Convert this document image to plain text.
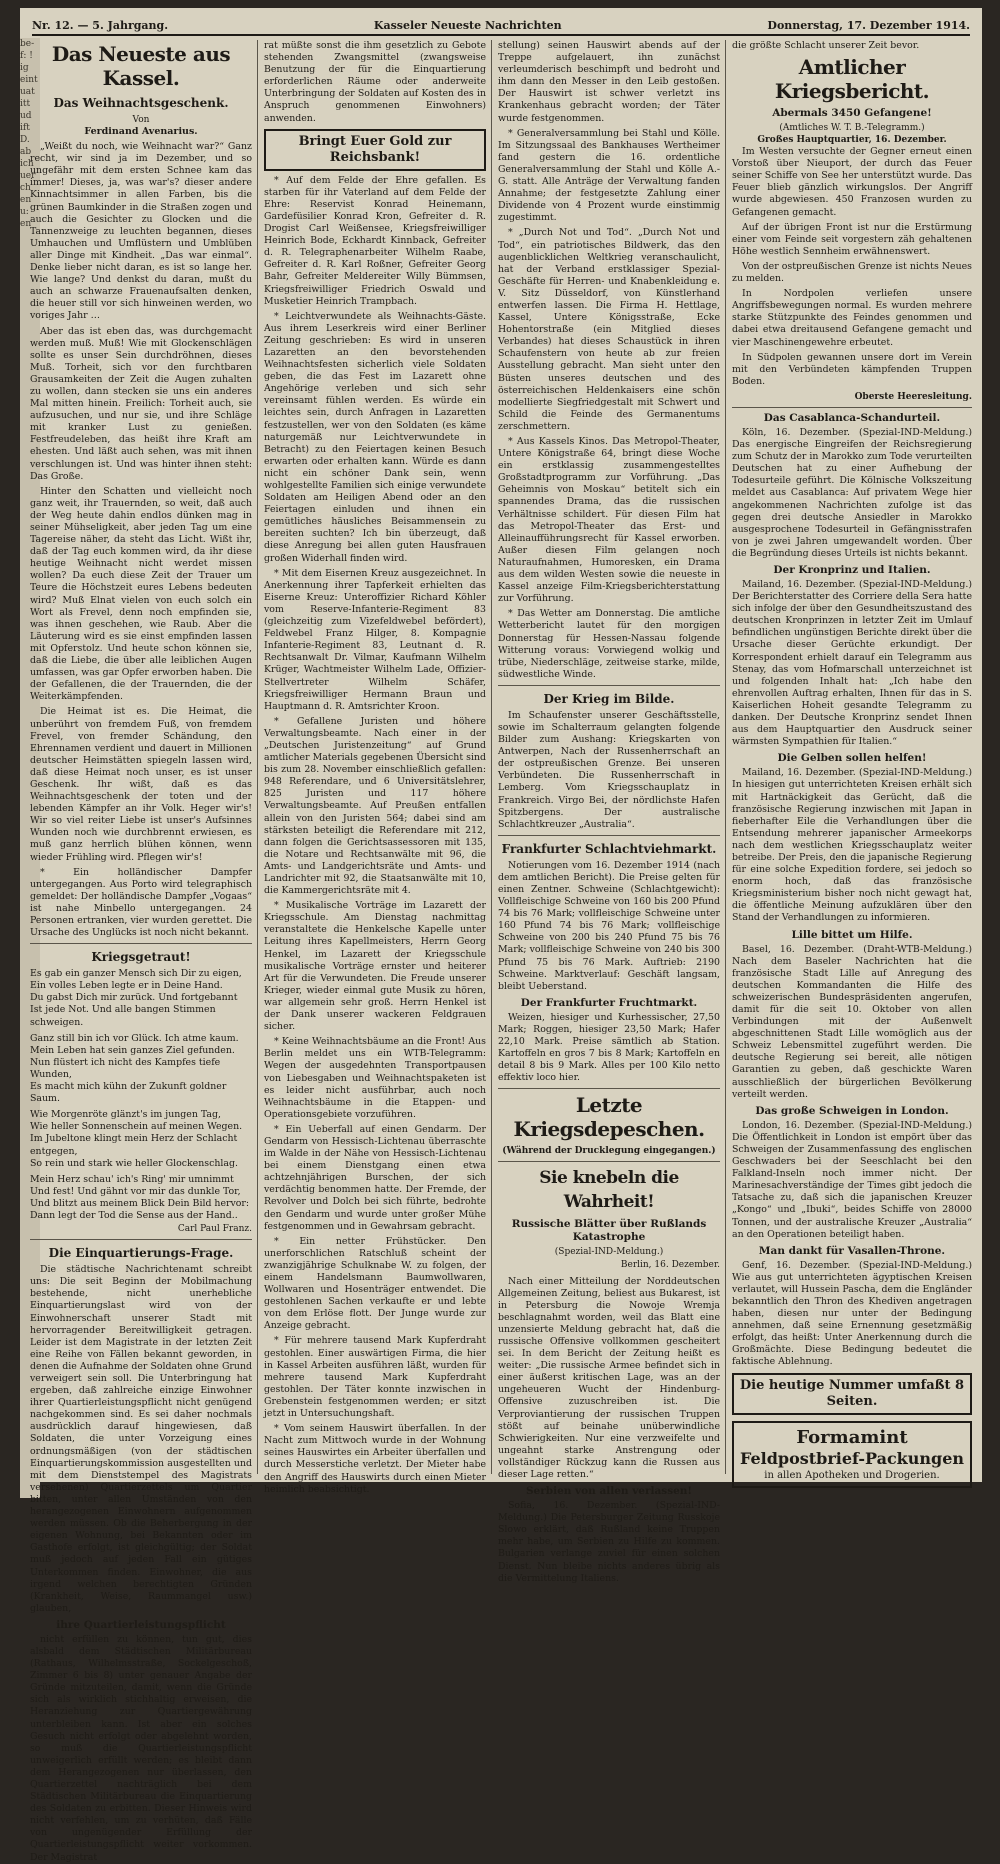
be-
f: !
ig
eint
uat
itt
ud
ift
D.
ab
ich
uer
ch
en
u:
en
Nr. 12. — 5. Jahrgang.	Kasseler Neueste Nachrichten	Donnerstag, 17. Dezember 1914.
Das Neueste aus Kassel.
Das Weihnachtsgeschenk.
Von
Ferdinand Avenarius.

„Weißt du noch, wie Weihnacht war?“ Ganz recht, wir sind ja im Dezember, und so ungefähr mit dem ersten Schnee kam das immer! Dieses, ja, was war's? dieser andere Kinnachtsimmer in allen Farben, bis die grünen Baumkinder in die Straßen zogen und auch die Gesichter zu Glocken und die Tannenzweige zu leuchten begannen, dieses Umhauchen und Umflüstern und Umblüben aller Dinge mit Kindheit. „Das war einmal“. Denke lieber nicht daran, es ist so lange her. Wie lange? Und denkst du daran, mußt du auch an schwarze Frauenaufsalten denken, die heuer still vor sich hinweinen werden, wo voriges Jahr …

Aber das ist eben das, was durchgemacht werden muß. Muß! Wie mit Glockenschlägen sollte es unser Sein durchdröhnen, dieses Muß. Torheit, sich vor den furchtbaren Grausamkeiten der Zeit die Augen zuhalten zu wollen, dann stecken sie uns ein anderes Mal mitten hinein. Freilich: Torheit auch, sie aufzusuchen, und nur sie, und ihre Schläge mit kranker Lust zu genießen. Festfreudeleben, das heißt ihre Kraft am ehesten. Und läßt auch sehen, was mit ihnen verschlungen ist. Und was hinter ihnen steht: Das Große.

Hinter den Schatten und vielleicht noch ganz weit, ihr Trauernden, so weit, daß auch der Weg heute dahin endlos dünken mag in seiner Mühseligkeit, aber jeden Tag um eine Tagereise näher, da steht das Licht. Wißt ihr, daß der Tag euch kommen wird, da ihr diese heutige Weihnacht nicht werdet missen wollen? Da euch diese Zeit der Trauer um Teure die Höchstzeit eures Lebens bedeuten wird? Muß Elnat vielen von euch solch ein Wort als Frevel, denn noch empfinden sie, was ihnen geschehen, wie Raub. Aber die Läuterung wird es sie einst empfinden lassen mit Opferstolz. Und heute schon können sie, daß die Liebe, die über alle leiblichen Augen umfassen, was gar Opfer erworben haben. Die der Gefallenen, die der Trauernden, die der Weiterkämpfenden.

Die Heimat ist es. Die Heimat, die unberührt von fremdem Fuß, von fremdem Frevel, von fremder Schändung, den Ehrennamen verdient und dauert in Millionen deutscher Heimstätten spiegeln lassen wird, daß diese Heimat noch unser, es ist unser Geschenk. Ihr wißt, daß es das Weihnachtsgeschenk der toten und der lebenden Kämpfer an ihr Volk. Heger wir's! Wir so viel reiter Liebe ist unser's Aufsinnes Wunden noch wie durchbrennt erwiesen, es muß ganz herrlich blühen können, wenn wieder Frühling wird. Pflegen wir's!

* Ein holländischer Dampfer untergegangen. Aus Porto wird telegraphisch gemeldet: Der holländische Dampfer „Vogaas“ ist nahe Minbello untergegangen. 24 Personen ertranken, vier wurden gerettet. Die Ursache des Unglücks ist noch nicht bekannt.

Kriegsgetraut!

Es gab ein ganzer Mensch sich Dir zu eigen,

Ein volles Leben legte er in Deine Hand.

Du gabst Dich mir zurück. Und fortgebannt

Ist jede Not. Und alle bangen Stimmen schweigen.

Ganz still bin ich vor Glück. Ich atme kaum.

Mein Leben hat sein ganzes Ziel gefunden.

Nun flüstert ich nicht des Kampfes tiefe Wunden,

Es macht mich kühn der Zukunft goldner Saum.

Wie Morgenröte glänzt's im jungen Tag,

Wie heller Sonnenschein auf meinen Wegen.

Im Jubeltone klingt mein Herz der Schlacht entgegen,

So rein und stark wie heller Glockenschlag.

Mein Herz schau' ich's Ring' mir umnimmt

Und fest! Und gähnt vor mir das dunkle Tor,

Und blitzt aus meinem Blick Dein Bild hervor:

Dann legt der Tod die Sense aus der Hand..

Carl Paul Franz.
Die Einquartierungs-Frage.

Die städtische Nachrichtenamt schreibt uns: Die seit Beginn der Mobilmachung bestehende, nicht unerhebliche Einquartierungslast wird von der Einwohnerschaft unserer Stadt mit hervorragender Bereitwilligkeit getragen. Leider ist dem Magistrate in der letzten Zeit eine Reihe von Fällen bekannt geworden, in denen die Aufnahme der Soldaten ohne Grund verweigert sein soll. Die Unterbringung hat ergeben, daß zahlreiche einzige Einwohner ihrer Quartierleistungspflicht nicht genügend nachgekommen sind. Es sei daher nochmals ausdrücklich darauf hingewiesen, daß Soldaten, die unter Vorzeigung eines ordnungsmäßigen (von der städtischen Einquartierungskommission ausgestellten und mit dem Dienststempel des Magistrats versehenen) Quartierzettels um Quartier bitten, unter allen Umständen von den herangezogenen Einwohnern aufgenommen werden müssen. Ob die Beherbergung in der eigenen Wohnung, bei Bekannten oder im Gasthofe erfolgt, ist gleichgültig; der Soldat muß jedoch auf jeden Fall ein gütiges Unterkommen finden. Einwohner, die aus irgend welchen berechtigten Gründen (Krankheit, Weise, Raummangel usw.) glauben,

ihre Quartierleistungspflicht

nicht erfüllen zu können, tun gut, dies alsbald dem Städtischen Militärbureau (Rathaus, Wilhelmsstraße, Sockelgeschoß, Zimmer 6 bis 8) unter genauer Angabe der Gründe mitzuteilen, damit, wenn die Gründe sich als wirklich stichhaltig erweisen, die Heranziehung zur Quartiergewährung unterbleiben kann. Ist aber ein solches Gesuch nicht erfolgt oder abgelehnt worden, so muß die Quartierleistungspflicht unweigerlich erfüllt werden; es bleibt dann dem Herangezogenen nur überlassen, den Quartierzettel nachträglich bei dem Städtischen Militärbureau die Einquartierung des Soldaten zu erbitten. Dieser Hinweis wird nicht verfehlen, um zu verhüten, daß Fälle von ungenügender Erfüllung der Quartierleistungspflicht weiter vorkommen. Der Magistrat

rat müßte sonst die ihm gesetzlich zu Gebote stehenden Zwangsmittel (zwangsweise Benutzung der für die Einquartierung erforderlichen Räume oder anderweite Unterbringung der Soldaten auf Kosten des in Anspruch genommenen Einwohners) anwenden.

Bringt Euer Gold zur Reichsbank!

* Auf dem Felde der Ehre gefallen. Es starben für ihr Vaterland auf dem Felde der Ehre: Reservist Konrad Heinemann, Gardefüsilier Konrad Kron, Gefreiter d. R. Drogist Carl Weißensee, Kriegsfreiwilliger Heinrich Bode, Eckhardt Kinnback, Gefreiter d. R. Telegraphenarbeiter Wilhelm Raabe, Gefreiter d. R. Karl Roßner, Gefreiter Georg Bahr, Gefreiter Meldereiter Willy Bümmsen, Kriegsfreiwilliger Friedrich Oswald und Musketier Heinrich Trampbach.

* Leichtverwundete als Weihnachts-Gäste. Aus ihrem Leserkreis wird einer Berliner Zeitung geschrieben: Es wird in unseren Lazaretten an den bevorstehenden Weihnachtsfesten sicherlich viele Soldaten geben, die das Fest im Lazarett ohne Angehörige verleben und sich sehr vereinsamt fühlen werden. Es würde ein leichtes sein, durch Anfragen in Lazaretten festzustellen, wer von den Soldaten (es käme naturgemäß nur Leichtverwundete in Betracht) zu den Feiertagen keinen Besuch erwarten oder erhalten kann. Würde es dann nicht ein schöner Dank sein, wenn wohlgestellte Familien sich einige verwundete Soldaten am Heiligen Abend oder an den Feiertagen einluden und ihnen ein gemütliches häusliches Beisammensein zu bereiten suchten? Ich bin überzeugt, daß diese Anregung bei allen guten Hausfrauen großen Widerhall finden wird.

* Mit dem Eisernen Kreuz ausgezeichnet. In Anerkennung ihrer Tapferkeit erhielten das Eiserne Kreuz: Unteroffizier Richard Köhler vom Reserve-Infanterie-Regiment 83 (gleichzeitig zum Vizefeldwebel befördert), Feldwebel Franz Hilger, 8. Kompagnie Infanterie-Regiment 83, Leutnant d. R. Rechtsanwalt Dr. Vilmar, Kaufmann Wilhelm Krüger, Wachtmeister Wilhelm Lade, Offizier-Stellvertreter Wilhelm Schäfer, Kriegsfreiwilliger Hermann Braun und Hauptmann d. R. Amtsrichter Kroon.

* Gefallene Juristen und höhere Verwaltungsbeamte. Nach einer in der „Deutschen Juristenzeitung“ auf Grund amtlicher Materials gegebenen Übersicht sind bis zum 28. November einschließlich gefallen: 948 Referendare, und 6 Universitätslehrer, 825 Juristen und 117 höhere Verwaltungsbeamte. Auf Preußen entfallen allein von den Juristen 564; dabei sind am stärksten beteiligt die Referendare mit 212, dann folgen die Gerichtsassessoren mit 135, die Notare und Rechtsanwälte mit 96, die Amts- und Landgerichtsräte und Amts- und Landrichter mit 92, die Staatsanwälte mit 10, die Kammergerichtsräte mit 4.

* Musikalische Vorträge im Lazarett der Kriegsschule. Am Dienstag nachmittag veranstaltete die Henkelsche Kapelle unter Leitung ihres Kapellmeisters, Herrn Georg Henkel, im Lazarett der Kriegsschule musikalische Vorträge ernster und heiterer Art für die Verwundeten. Die Freude unserer Krieger, wieder einmal gute Musik zu hören, war allgemein sehr groß. Herrn Henkel ist der Dank unserer wackeren Feldgrauen sicher.

* Keine Weihnachtsbäume an die Front! Aus Berlin meldet uns ein WTB-Telegramm: Wegen der ausgedehnten Transportpausen von Liebesgaben und Weihnachtspaketen ist es leider nicht ausführbar, auch noch Weihnachtsbäume in die Etappen- und Operationsgebiete vorzuführen.

* Ein Ueberfall auf einen Gendarm. Der Gendarm von Hessisch-Lichtenau überraschte im Walde in der Nähe von Hessisch-Lichtenau bei einem Dienstgang einen etwa achtzehnjährigen Burschen, der sich verdächtig benommen hatte. Der Fremde, der Revolver und Dolch bei sich führte, bedrohte den Gendarm und wurde unter großer Mühe festgenommen und in Gewahrsam gebracht.

* Ein netter Frühstücker. Den unerforschlichen Ratschluß scheint der zwanzigjährige Schulknabe W. zu folgen, der einem Handelsmann Baumwollwaren, Wollwaren und Hosenträger entwendet. Die gestohlenen Sachen verkaufte er und lebte von dem Erlöse flott. Der Junge wurde zur Anzeige gebracht.

* Für mehrere tausend Mark Kupferdraht gestohlen. Einer auswärtigen Firma, die hier in Kassel Arbeiten ausführen läßt, wurden für mehrere tausend Mark Kupferdraht gestohlen. Der Täter konnte inzwischen in Grebenstein festgenommen werden; er sitzt jetzt in Untersuchungshaft.

* Vom seinem Hauswirt überfallen. In der Nacht zum Mittwoch wurde in der Wohnung seines Hauswirtes ein Arbeiter überfallen und durch Messerstiche verletzt. Der Mieter habe den Angriff des Hauswirts durch einen Mieter heimlich beabsichtigt.

stellung) seinen Hauswirt abends auf der Treppe aufgelauert, ihn zunächst verleumderisch beschimpft und bedroht und ihm dann den Messer in den Leib gestoßen. Der Hauswirt ist schwer verletzt ins Krankenhaus gebracht worden; der Täter wurde festgenommen.

* Generalversammlung bei Stahl und Kölle. Im Sitzungssaal des Bankhauses Wertheimer fand gestern die 16. ordentliche Generalversammlung der Stahl und Kölle A.-G. statt. Alle Anträge der Verwaltung fanden Annahme; der festgesetzte Zahlung einer Dividende von 4 Prozent wurde einstimmig zugestimmt.

* „Durch Not und Tod“. „Durch Not und Tod“, ein patriotisches Bildwerk, das den augenblicklichen Weltkrieg veranschaulicht, hat der Verband erstklassiger Spezial-Geschäfte für Herren- und Knabenkleidung e. V. Sitz Düsseldorf, von Künstlerhand entwerfen lassen. Die Firma H. Hettlage, Kassel, Untere Königsstraße, Ecke Hohentorstraße (ein Mitglied dieses Verbandes) hat dieses Schaustück in ihren Schaufenstern von heute ab zur freien Ausstellung gebracht. Man sieht unter den Büsten unseres deutschen und des österreichischen Heldenkaisers eine schön modellierte Siegfriedgestalt mit Schwert und Schild die Feinde des Germanentums zerschmettern.

* Aus Kassels Kinos. Das Metropol-Theater, Untere Königstraße 64, bringt diese Woche ein erstklassig zusammengestelltes Großstadtprogramm zur Vorführung. „Das Geheimnis von Moskau“ betitelt sich ein spannendes Drama, das die russischen Verhältnisse schildert. Für diesen Film hat das Metropol-Theater das Erst- und Alleinaufführungsrecht für Kassel erworben. Außer diesen Film gelangen noch Naturaufnahmen, Humoresken, ein Drama aus dem wilden Westen sowie die neueste in Kassel anzeige Film-Kriegsberichterstattung zur Vorführung.

* Das Wetter am Donnerstag. Die amtliche Wetterbericht lautet für den morgigen Donnerstag für Hessen-Nassau folgende Witterung voraus: Vorwiegend wolkig und trübe, Niederschläge, zeitweise starke, milde, südwestliche Winde.

Der Krieg im Bilde.

Im Schaufenster unserer Geschäftsstelle, sowie im Schalterraum gelangten folgende Bilder zum Aushang: Kriegskarten von Antwerpen, Nach der Russenherrschaft an der ostpreußischen Grenze. Bei unseren Verbündeten. Die Russenherrschaft in Lemberg. Vom Kriegsschauplatz in Frankreich. Virgo Bei, der nördlichste Hafen Spitzbergens. Der australische Schlachtkreuzer „Australia“.

Frankfurter Schlachtviehmarkt.

Notierungen vom 16. Dezember 1914 (nach dem amtlichen Bericht). Die Preise gelten für einen Zentner. Schweine (Schlachtgewicht): Vollfleischige Schweine von 160 bis 200 Pfund 74 bis 76 Mark; vollfleischige Schweine unter 160 Pfund 74 bis 76 Mark; vollfleischige Schweine von 200 bis 240 Pfund 75 bis 76 Mark; vollfleischige Schweine von 240 bis 300 Pfund 75 bis 76 Mark. Auftrieb: 2190 Schweine. Marktverlauf: Geschäft langsam, bleibt Ueberstand.

Der Frankfurter Fruchtmarkt.

Weizen, hiesiger und Kurhessischer, 27,50 Mark; Roggen, hiesiger 23,50 Mark; Hafer 22,10 Mark. Preise sämtlich ab Station. Kartoffeln en gros 7 bis 8 Mark; Kartoffeln en detail 8 bis 9 Mark. Alles per 100 Kilo netto effektiv loco hier.

Letzte Kriegsdepeschen.
(Während der Drucklegung eingegangen.)
Sie knebeln die Wahrheit!
Russische Blätter über Rußlands Katastrophe
(Spezial-IND-Meldung.)
Berlin, 16. Dezember.

Nach einer Mitteilung der Norddeutschen Allgemeinen Zeitung, beliest aus Bukarest, ist in Petersburg die Nowoje Wremja beschlagnahmt worden, weil das Blatt eine unzensierte Meldung gebracht hat, daß die russische Offensive vollkommen gescheitert sei. In dem Bericht der Zeitung heißt es weiter: „Die russische Armee befindet sich in einer äußerst kritischen Lage, was an der ungeheueren Wucht der Hindenburg-Offensive zuzuschreiben ist. Die Verproviantierung der russischen Truppen stößt auf beinahe unüberwindliche Schwierigkeiten. Nur eine verzweifelte und ungeahnt starke Anstrengung oder vollständiger Rückzug kann die Russen aus dieser Lage retten.“

Serbien von allen verlassen!

Sofia, 16. Dezember. (Spezial-IND-Meldung.) Die Petersburger Zeitung Russkoje Slowo erklärt, daß Rußland keine Truppen mehr habe, um Serbien zu Hilfe zu kommen. Bulgarien verlange zuviel für einen solchen Dienst. Nun bleibe nichts anderes übrig als die Vermittelung Italiens.

die größte Schlacht unserer Zeit bevor.

Amtlicher Kriegsbericht.
Abermals 3450 Gefangene!
(Amtliches W. T. B.-Telegramm.)
Großes Hauptquartier, 16. Dezember.

Im Westen versuchte der Gegner erneut einen Vorstoß über Nieuport, der durch das Feuer seiner Schiffe von See her unterstützt wurde. Das Feuer blieb gänzlich wirkungslos. Der Angriff wurde abgewiesen. 450 Franzosen wurden zu Gefangenen gemacht.

Auf der übrigen Front ist nur die Erstürmung einer vom Feinde seit vorgestern zäh gehaltenen Höhe westlich Sennheim erwähnenswert.

Von der ostpreußischen Grenze ist nichts Neues zu melden.

In Nordpolen verliefen unsere Angriffsbewegungen normal. Es wurden mehrere starke Stützpunkte des Feindes genommen und dabei etwa dreitausend Gefangene gemacht und vier Maschinengewehre erbeutet.

In Südpolen gewannen unsere dort im Verein mit den Verbündeten kämpfenden Truppen Boden.

Oberste Heeresleitung.
Das Casablanca-Schandurteil.

Köln, 16. Dezember. (Spezial-IND-Meldung.) Das energische Eingreifen der Reichsregierung zum Schutz der in Marokko zum Tode verurteilten Deutschen hat zu einer Aufhebung der Todesurteile geführt. Die Kölnische Volkszeitung meldet aus Casablanca: Auf privatem Wege hier angekommenen Nachrichten zufolge ist das gegen drei deutsche Ansiedler in Marokko ausgesprochene Todesurteil in Gefängnisstrafen von je zwei Jahren umgewandelt worden. Über die Begründung dieses Urteils ist nichts bekannt.

Der Kronprinz und Italien.

Mailand, 16. Dezember. (Spezial-IND-Meldung.) Der Berichterstatter des Corriere della Sera hatte sich infolge der über den Gesundheitszustand des deutschen Kronprinzen in letzter Zeit im Umlauf befindlichen ungünstigen Berichte direkt über die Ursache dieser Gerüchte erkundigt. Der Korrespondent erhielt darauf ein Telegramm aus Stenay, das vom Hofmarschall unterzeichnet ist und folgenden Inhalt hat: „Ich habe den ehrenvollen Auftrag erhalten, Ihnen für das in S. Kaiserlichen Hoheit gesandte Telegramm zu danken. Der Deutsche Kronprinz sendet Ihnen aus dem Hauptquartier den Ausdruck seiner wärmsten Sympathien für Italien.“

Die Gelben sollen helfen!

Mailand, 16. Dezember. (Spezial-IND-Meldung.) In hiesigen gut unterrichteten Kreisen erhält sich mit Hartnäckigkeit das Gerücht, daß die französische Regierung inzwischen mit Japan in fieberhafter Eile die Verhandlungen über die Entsendung mehrerer japanischer Armeekorps nach dem westlichen Kriegsschauplatz weiter betreibe. Der Preis, den die japanische Regierung für eine solche Expedition fordere, sei jedoch so enorm hoch, daß das französische Kriegsministerium bisher noch nicht gewagt hat, die öffentliche Meinung aufzuklären über den Stand der Verhandlungen zu informieren.

Lille bittet um Hilfe.

Basel, 16. Dezember. (Draht-WTB-Meldung.) Nach dem Baseler Nachrichten hat die französische Stadt Lille auf Anregung des deutschen Kommandanten die Hilfe des schweizerischen Bundespräsidenten angerufen, damit für die seit 10. Oktober von allen Verbindungen mit der Außenwelt abgeschnittenen Stadt Lille womöglich aus der Schweiz Lebensmittel zugeführt werden. Die deutsche Regierung sei bereit, alle nötigen Garantien zu geben, daß geschickte Waren ausschließlich der bürgerlichen Bevölkerung verteilt werden.

Das große Schweigen in London.

London, 16. Dezember. (Spezial-IND-Meldung.) Die Öffentlichkeit in London ist empört über das Schweigen der Zusammenfassung des englischen Geschwaders bei der Seeschlacht bei den Falkland-Inseln noch immer nicht. Der Marinesachverständige der Times gibt jedoch die Tatsache zu, daß sich die japanischen Kreuzer „Kongo“ und „Ibuki“, beides Schiffe von 28000 Tonnen, und der australische Kreuzer „Australia“ an den Operationen beteiligt haben.

Man dankt für Vasallen-Throne.

Genf, 16. Dezember. (Spezial-IND-Meldung.) Wie aus gut unterrichteten ägyptischen Kreisen verlautet, will Hussein Pascha, dem die Engländer bekanntlich den Thron des Khediven angetragen haben, diesen nur unter der Bedingung annehmen, daß seine Ernennung gesetzmäßig erfolgt, das heißt: Unter Anerkennung durch die Großmächte. Diese Bedingung bedeutet die faktische Ablehnung.

Die heutige Nummer umfaßt 8 Seiten.
Formamint
Feldpostbrief-Packungen
in allen Apotheken und Drogerien.
